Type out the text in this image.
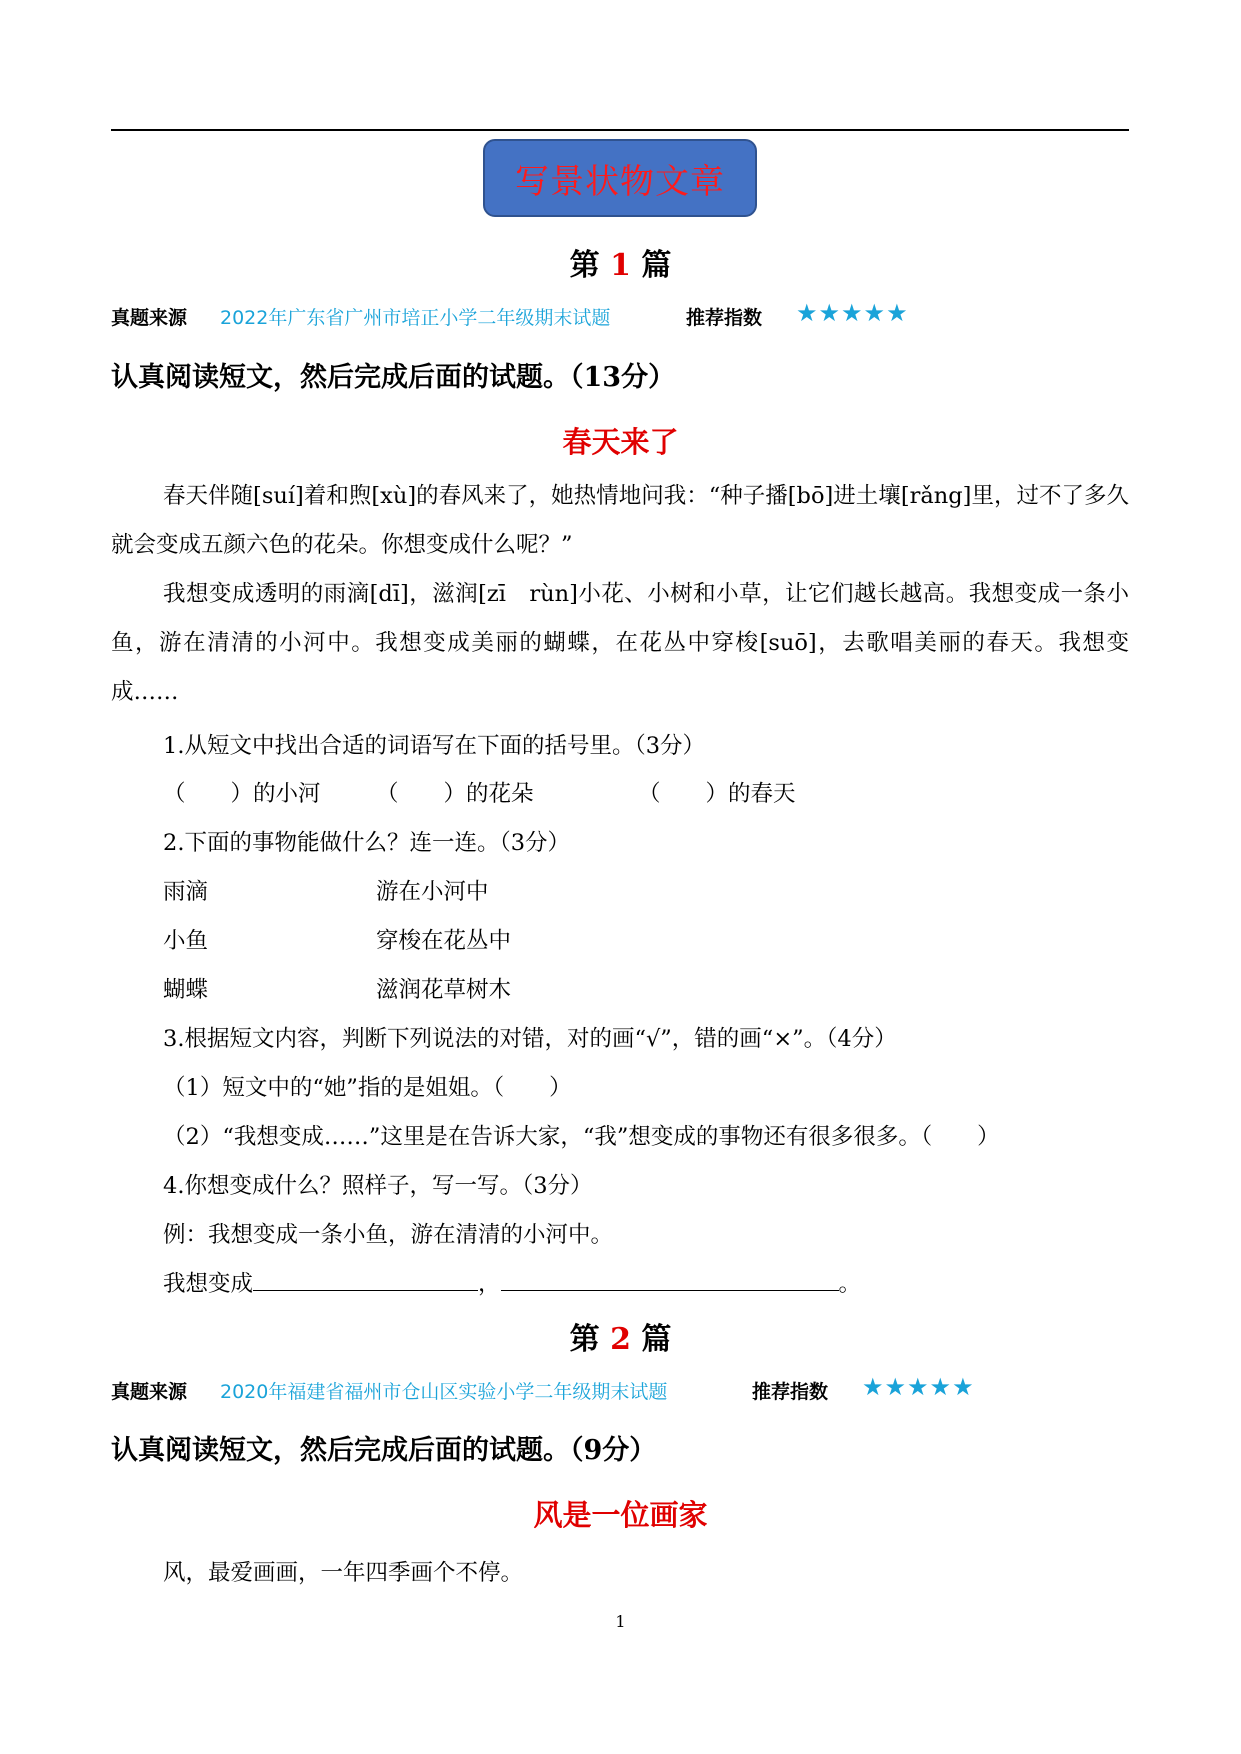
写景状物文章
第 1 篇
真题来源 2022年广东省广州市培正小学二年级期末试题	推荐指数 ★★★★★
认真阅读短文，然后完成后面的试题。（13分）
春天来了
春天伴随[suí]着和煦[xù]的春风来了，她热情地问我：“种子播[bō]进土壤[rǎng]里，过不了多久就会变成五颜六色的花朵。你想变成什么呢？”
我想变成透明的雨滴[dī]，滋润[zī　rùn]小花、小树和小草，让它们越长越高。我想变成一条小鱼，游在清清的小河中。我想变成美丽的蝴蝶，在花丛中穿梭[suō]，去歌唱美丽的春天。我想变成……
1.从短文中找出合适的词语写在下面的括号里。（3分）
（　　）的小河 （　　）的花朵	（　　）的春天
2.下面的事物能做什么？连一连。（3分）
雨滴	游在小河中
小鱼	穿梭在花丛中
蝴蝶	滋润花草树木
3.根据短文内容，判断下列说法的对错，对的画“√”，错的画“×”。（4分）
（1）短文中的“她”指的是姐姐。（　　）
（2）“我想变成……”这里是在告诉大家，“我”想变成的事物还有很多很多。（　　）
4.你想变成什么？照样子，写一写。（3分）
例：我想变成一条小鱼，游在清清的小河中。
我想变成	，	。
第 2 篇
真题来源 2020年福建省福州市仓山区实验小学二年级期末试题	推荐指数 ★★★★★
认真阅读短文，然后完成后面的试题。（9分）
风是一位画家
风，最爱画画，一年四季画个不停。
1
